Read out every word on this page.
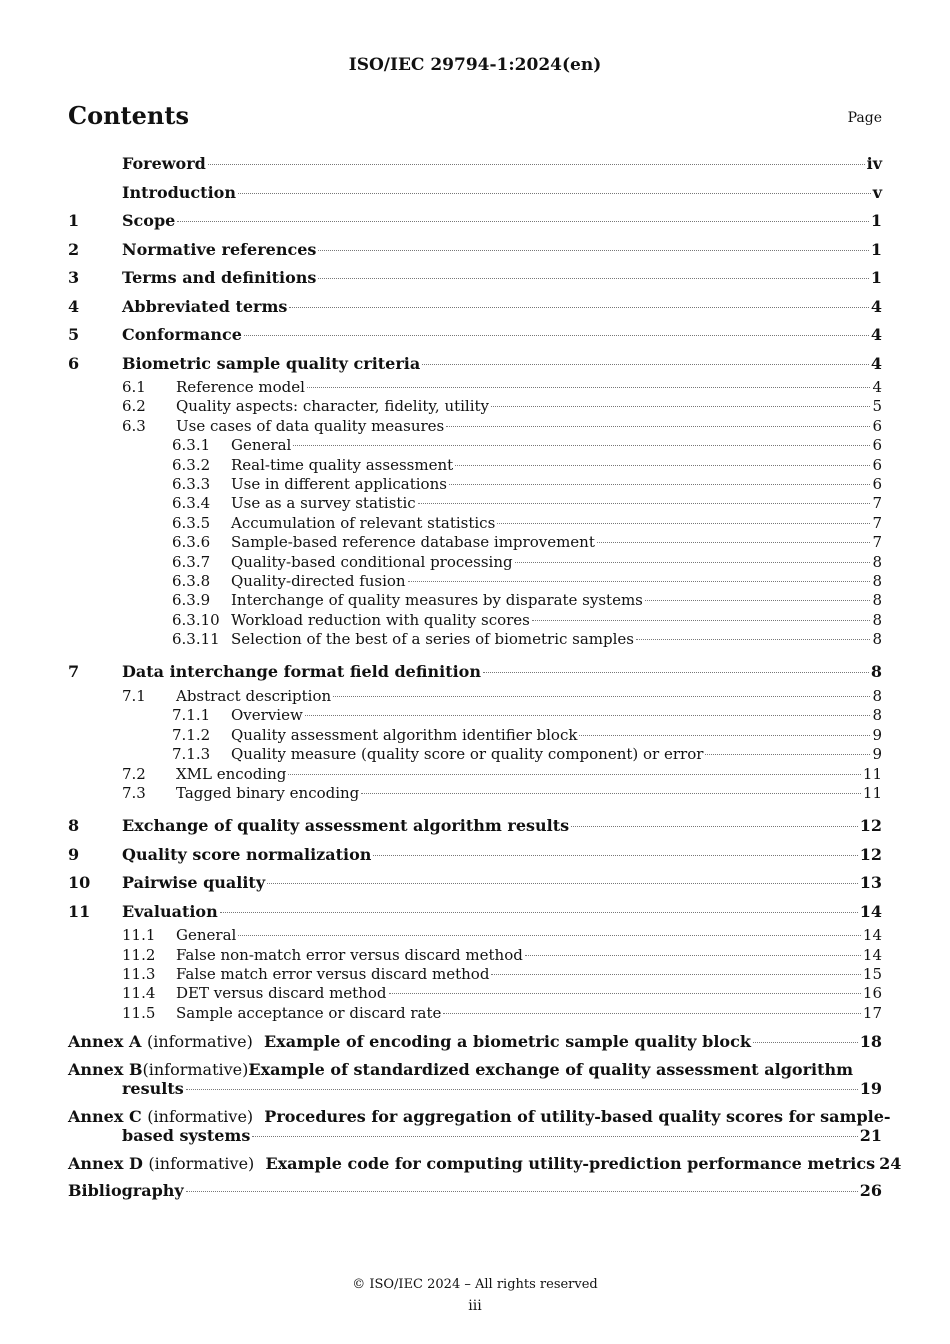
ISO/IEC 29794-1:2024(en)
Contents	Page
Foreword	iv
Introduction	v
1	Scope	1
2	Normative references	1
3	Terms and definitions	1
4	Abbreviated terms	4
5	Conformance	4
6	Biometric sample quality criteria	4
6.1	Reference model	4
6.2	Quality aspects: character, fidelity, utility	5
6.3	Use cases of data quality measures	6
6.3.1	General	6
6.3.2	Real-time quality assessment	6
6.3.3	Use in different applications	6
6.3.4	Use as a survey statistic	7
6.3.5	Accumulation of relevant statistics	7
6.3.6	Sample-based reference database improvement	7
6.3.7	Quality-based conditional processing	8
6.3.8	Quality-directed fusion	8
6.3.9	Interchange of quality measures by disparate systems	8
6.3.10 Workload reduction with quality scores	8
6.3.11 Selection of the best of a series of biometric samples	8
7	Data interchange format field definition	8
7.1	Abstract description	8
7.1.1	Overview	8
7.1.2	Quality assessment algorithm identifier block	9
7.1.3	Quality measure (quality score or quality component) or error	9
7.2	XML encoding	11
7.3	Tagged binary encoding	11
8	Exchange of quality assessment algorithm results	12
9	Quality score normalization	12
10	Pairwise quality	13
11	Evaluation	14
11.1	General	14
11.2	False non-match error versus discard method	14
11.3	False match error versus discard method	15
11.4	DET versus discard method	16
11.5	Sample acceptance or discard rate	17
Annex A (informative) Example of encoding a biometric sample quality block	18
Annex B (informative) Example of standardized exchange of quality assessment algorithm
results	19
Annex C (informative) Procedures for aggregation of utility-based quality scores for sample-
based systems	21
Annex D (informative) Example code for computing utility-prediction performance metrics 24
Bibliography	26
© ISO/IEC 2024 – All rights reserved
iii
